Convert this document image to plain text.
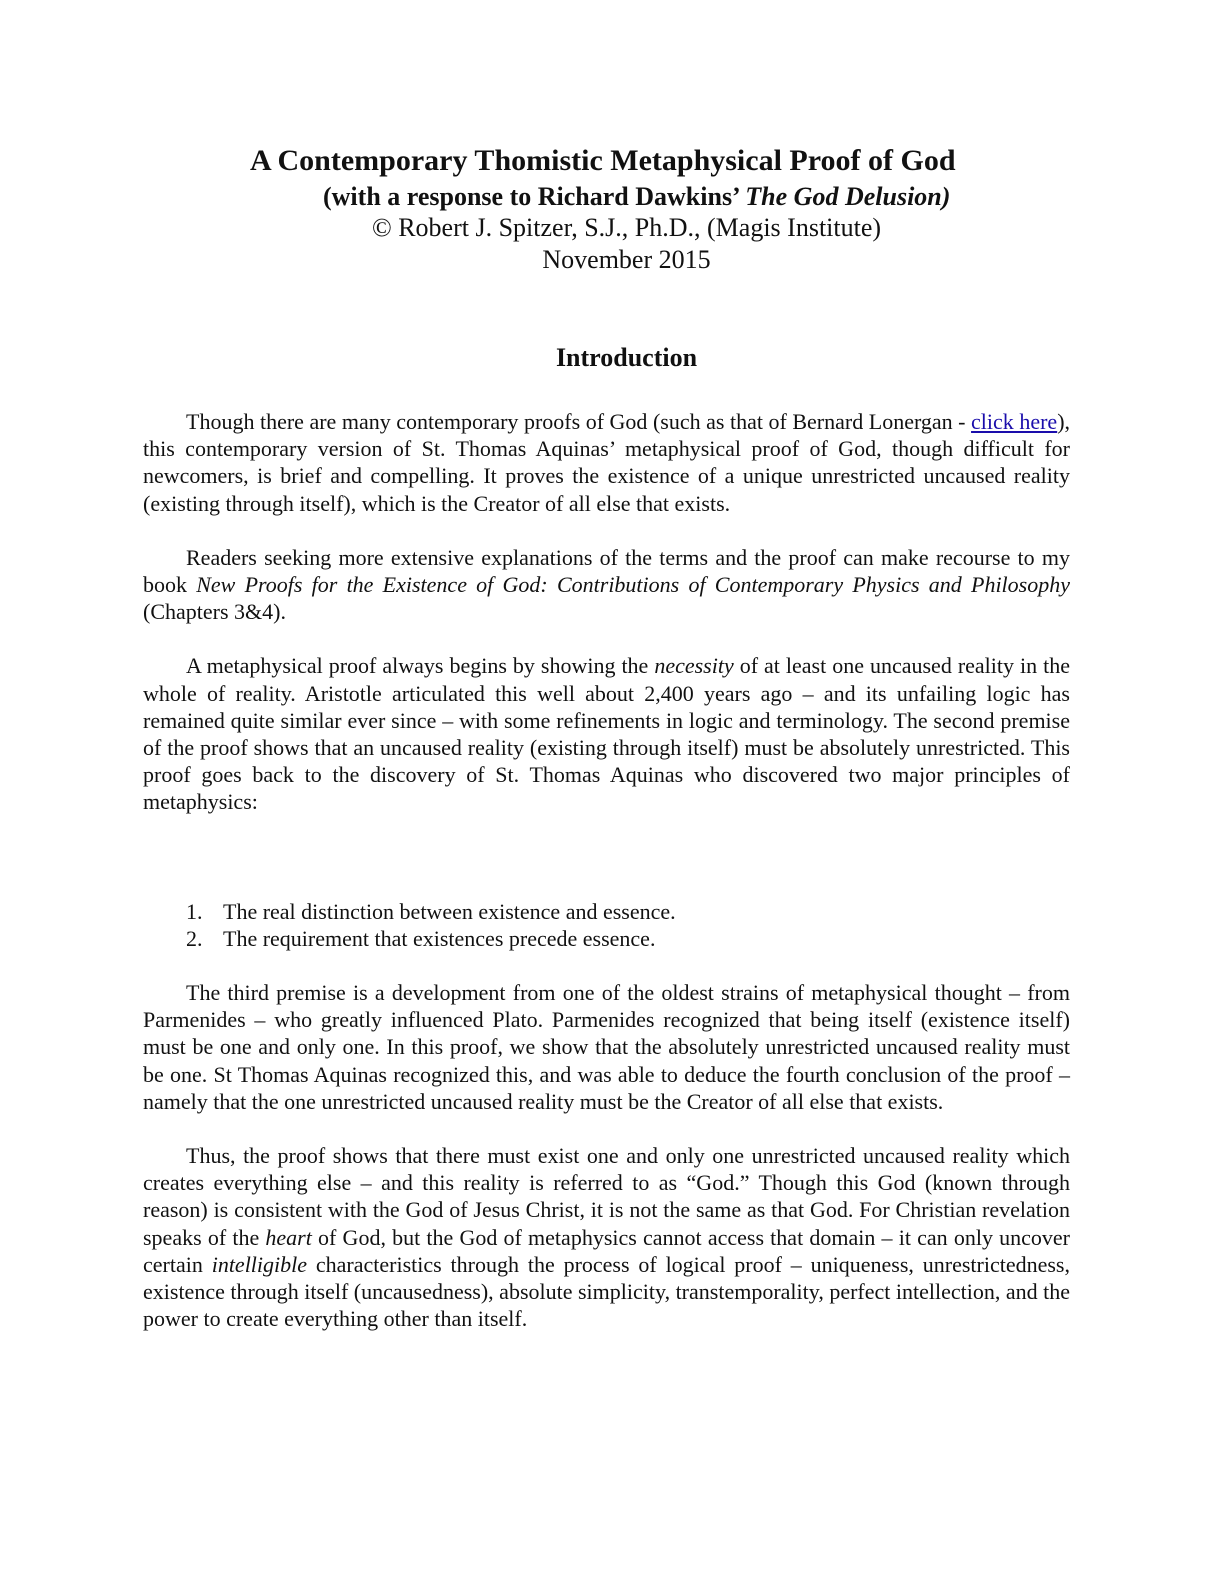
A Contemporary Thomistic Metaphysical Proof of God
(with a response to Richard Dawkins’ The God Delusion)
© Robert J. Spitzer, S.J., Ph.D., (Magis Institute)
November 2015
Introduction

Though there are many contemporary proofs of God (such as that of Bernard Lonergan - click here), this contemporary version of St. Thomas Aquinas’ metaphysical proof of God, though difficult for newcomers, is brief and compelling. It proves the existence of a unique unrestricted uncaused reality (existing through itself), which is the Creator of all else that exists.

Readers seeking more extensive explanations of the terms and the proof can make recourse to my book New Proofs for the Existence of God: Contributions of Contemporary Physics and Philosophy (Chapters 3&4).

A metaphysical proof always begins by showing the necessity of at least one uncaused reality in the whole of reality. Aristotle articulated this well about 2,400 years ago – and its unfailing logic has remained quite similar ever since – with some refinements in logic and terminology. The second premise of the proof shows that an uncaused reality (existing through itself) must be absolutely unrestricted. This proof goes back to the discovery of St. Thomas Aquinas who discovered two major principles of metaphysics:

1. The real distinction between existence and essence.
2. The requirement that existences precede essence.

The third premise is a development from one of the oldest strains of metaphysical thought – from Parmenides – who greatly influenced Plato. Parmenides recognized that being itself (existence itself) must be one and only one. In this proof, we show that the absolutely unrestricted uncaused reality must be one. St Thomas Aquinas recognized this, and was able to deduce the fourth conclusion of the proof – namely that the one unrestricted uncaused reality must be the Creator of all else that exists.

Thus, the proof shows that there must exist one and only one unrestricted uncaused reality which creates everything else – and this reality is referred to as “God.” Though this God (known through reason) is consistent with the God of Jesus Christ, it is not the same as that God. For Christian revelation speaks of the heart of God, but the God of metaphysics cannot access that domain – it can only uncover certain intelligible characteristics through the process of logical proof – uniqueness, unrestrictedness, existence through itself (uncausedness), absolute simplicity, transtemporality, perfect intellection, and the power to create everything other than itself.
